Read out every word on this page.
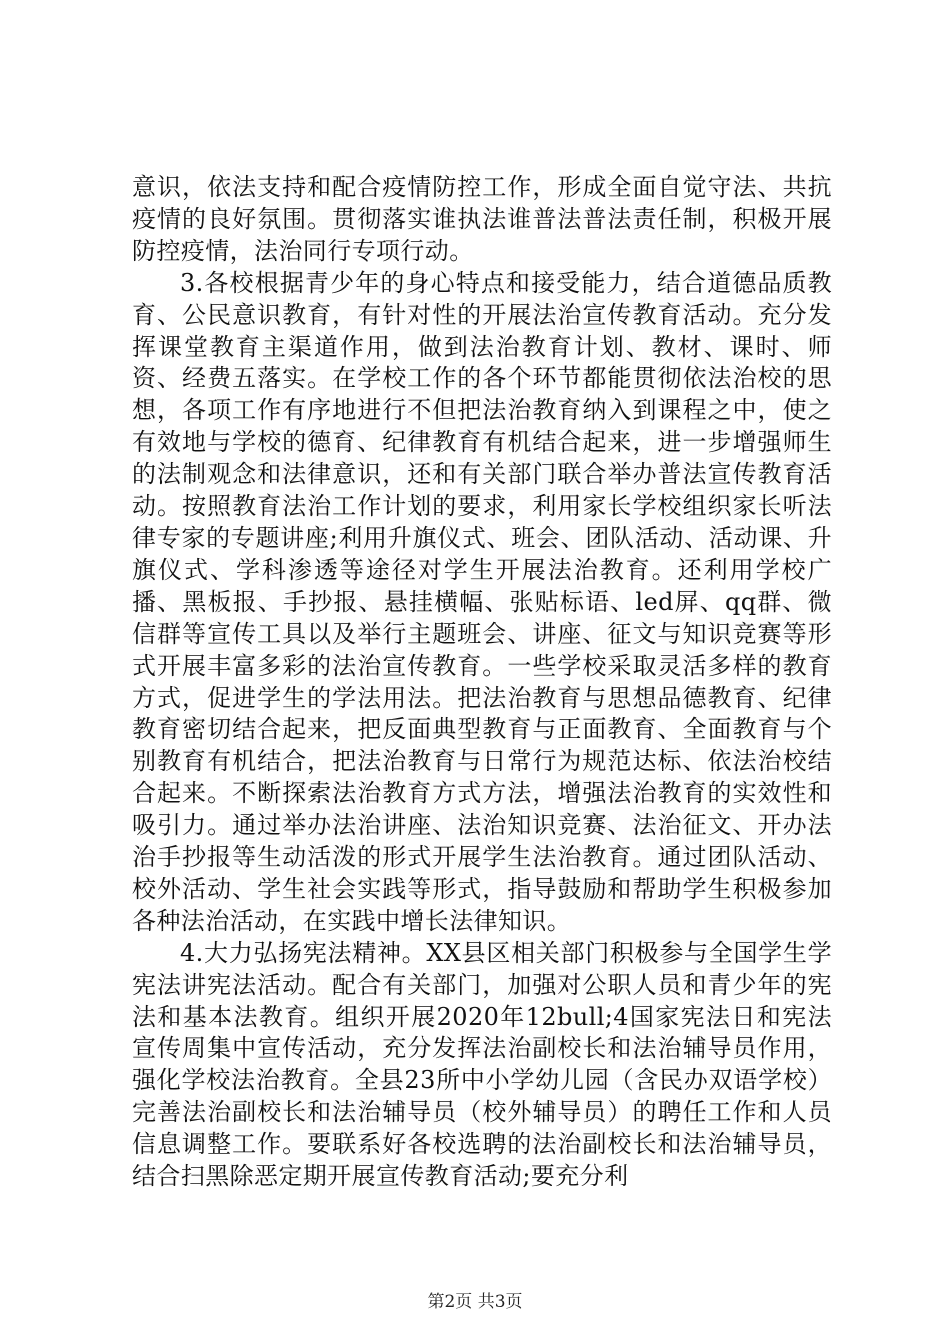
意识，依法支持和配合疫情防控工作，形成全面自觉守法、共抗疫情的良好氛围。贯彻落实谁执法谁普法普法责任制，积极开展防控疫情，法治同行专项行动。

3.各校根据青少年的身心特点和接受能力，结合道德品质教育、公民意识教育，有针对性的开展法治宣传教育活动。充分发挥课堂教育主渠道作用，做到法治教育计划、教材、课时、师资、经费五落实。在学校工作的各个环节都能贯彻依法治校的思想，各项工作有序地进行不但把法治教育纳入到课程之中，使之有效地与学校的德育、纪律教育有机结合起来，进一步增强师生的法制观念和法律意识，还和有关部门联合举办普法宣传教育活动。按照教育法治工作计划的要求，利用家长学校组织家长听法律专家的专题讲座;利用升旗仪式、班会、团队活动、活动课、升旗仪式、学科渗透等途径对学生开展法治教育。还利用学校广播、黑板报、手抄报、悬挂横幅、张贴标语、led屏、qq群、微信群等宣传工具以及举行主题班会、讲座、征文与知识竞赛等形式开展丰富多彩的法治宣传教育。一些学校采取灵活多样的教育方式，促进学生的学法用法。把法治教育与思想品德教育、纪律教育密切结合起来，把反面典型教育与正面教育、全面教育与个别教育有机结合，把法治教育与日常行为规范达标、依法治校结合起来。不断探索法治教育方式方法，增强法治教育的实效性和吸引力。通过举办法治讲座、法治知识竞赛、法治征文、开办法治手抄报等生动活泼的形式开展学生法治教育。通过团队活动、校外活动、学生社会实践等形式，指导鼓励和帮助学生积极参加各种法治活动，在实践中增长法律知识。

4.大力弘扬宪法精神。XX县区相关部门积极参与全国学生学宪法讲宪法活动。配合有关部门，加强对公职人员和青少年的宪法和基本法教育。组织开展2020年12bull;4国家宪法日和宪法宣传周集中宣传活动，充分发挥法治副校长和法治辅导员作用，强化学校法治教育。全县23所中小学幼儿园（含民办双语学校）完善法治副校长和法治辅导员（校外辅导员）的聘任工作和人员信息调整工作。要联系好各校选聘的法治副校长和法治辅导员，结合扫黑除恶定期开展宣传教育活动;要充分利

第2页 共3页
